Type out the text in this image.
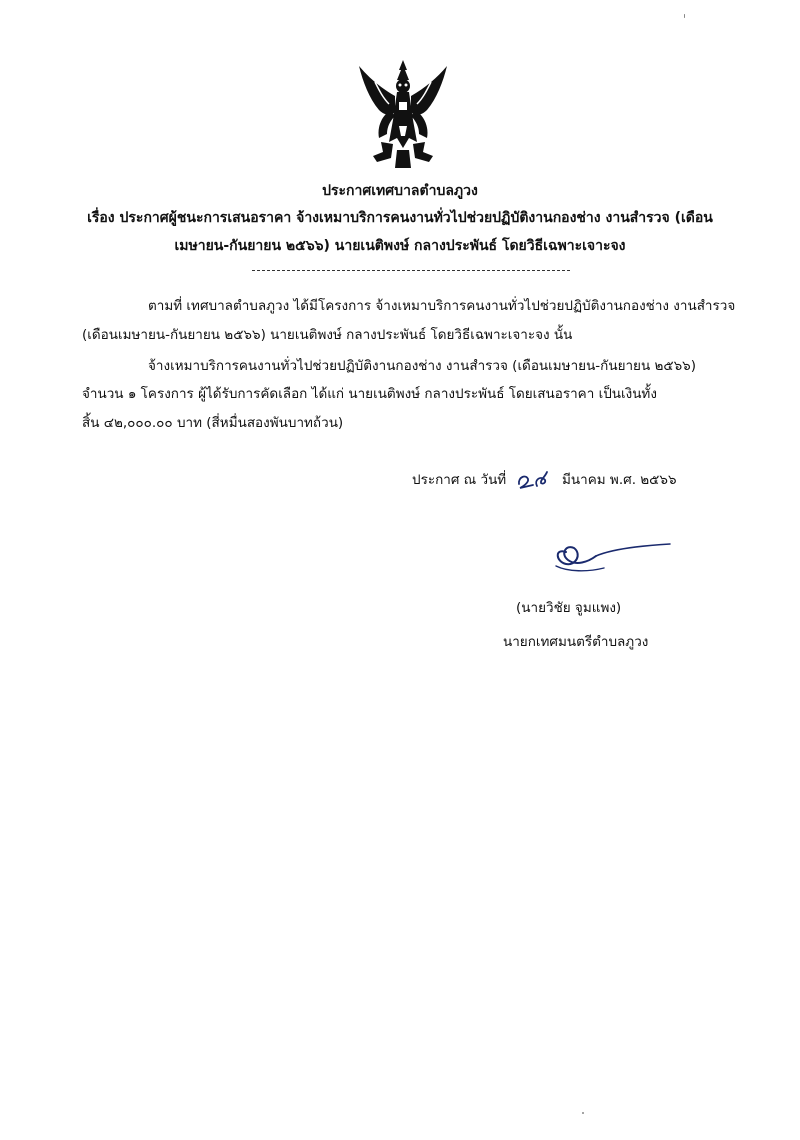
ประกาศเทศบาลตำบลภูวง
เรื่อง ประกาศผู้ชนะการเสนอราคา จ้างเหมาบริการคนงานทั่วไปช่วยปฏิบัติงานกองช่าง งานสำรวจ (เดือน
เมษายน-กันยายน ๒๕๖๖) นายเนติพงษ์ กลางประพันธ์ โดยวิธีเฉพาะเจาะจง
ตามที่ เทศบาลตำบลภูวง ได้มีโครงการ จ้างเหมาบริการคนงานทั่วไปช่วยปฏิบัติงานกองช่าง งานสำรวจ
(เดือนเมษายน-กันยายน ๒๕๖๖) นายเนติพงษ์ กลางประพันธ์ โดยวิธีเฉพาะเจาะจง นั้น
จ้างเหมาบริการคนงานทั่วไปช่วยปฏิบัติงานกองช่าง งานสำรวจ (เดือนเมษายน-กันยายน ๒๕๖๖)
จำนวน ๑ โครงการ ผู้ได้รับการคัดเลือก ได้แก่ นายเนติพงษ์ กลางประพันธ์ โดยเสนอราคา เป็นเงินทั้ง
สิ้น ๔๒,๐๐๐.๐๐ บาท (สี่หมื่นสองพันบาทถ้วน)
ประกาศ ณ วันที่	มีนาคม พ.ศ. ๒๕๖๖
(นายวิชัย จูมแพง)
นายกเทศมนตรีตำบลภูวง
